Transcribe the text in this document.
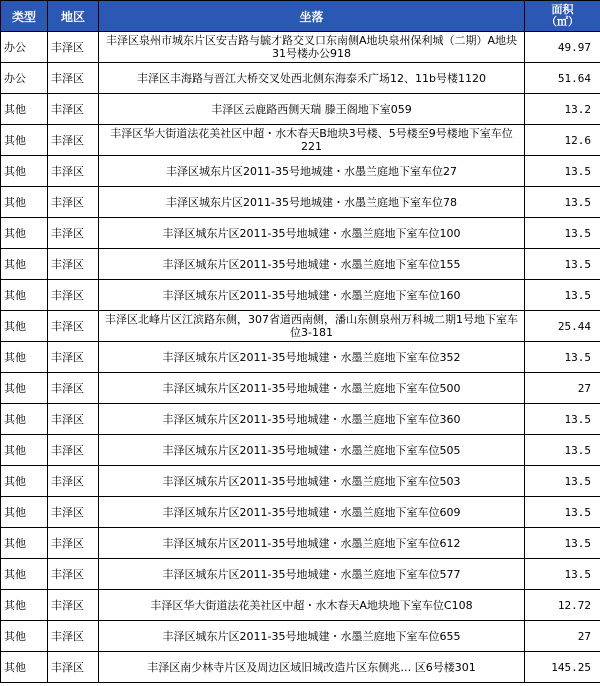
类型	地区	坐落	面积
（㎡）
办公	丰泽区	丰泽区泉州市城东片区安吉路与毓才路交叉口东南侧A地块泉州保利城（二期）A地块31号楼办公918	49.97
办公	丰泽区	丰泽区丰海路与晋江大桥交叉处西北侧东海泰禾广场12、11b号楼1120	51.64
其他	丰泽区	丰泽区云鹿路西侧天瑞 滕王阁地下室059	13.2
其他	丰泽区	丰泽区华大街道法花美社区中超・水木春天B地块3号楼、5号楼至9号楼地下室车位 221	12.6
其他	丰泽区	丰泽区城东片区2011-35号地城建・水墨兰庭地下室车位27	13.5
其他	丰泽区	丰泽区城东片区2011-35号地城建・水墨兰庭地下室车位78	13.5
其他	丰泽区	丰泽区城东片区2011-35号地城建・水墨兰庭地下室车位100	13.5
其他	丰泽区	丰泽区城东片区2011-35号地城建・水墨兰庭地下室车位155	13.5
其他	丰泽区	丰泽区城东片区2011-35号地城建・水墨兰庭地下室车位160	13.5
其他	丰泽区	丰泽区北峰片区江滨路东侧，307省道西南侧，潘山东侧泉州万科城二期1号地下室车位3-181	25.44
其他	丰泽区	丰泽区城东片区2011-35号地城建・水墨兰庭地下室车位352	13.5
其他	丰泽区	丰泽区城东片区2011-35号地城建・水墨兰庭地下室车位500	27
其他	丰泽区	丰泽区城东片区2011-35号地城建・水墨兰庭地下室车位360	13.5
其他	丰泽区	丰泽区城东片区2011-35号地城建・水墨兰庭地下室车位505	13.5
其他	丰泽区	丰泽区城东片区2011-35号地城建・水墨兰庭地下室车位503	13.5
其他	丰泽区	丰泽区城东片区2011-35号地城建・水墨兰庭地下室车位609	13.5
其他	丰泽区	丰泽区城东片区2011-35号地城建・水墨兰庭地下室车位612	13.5
其他	丰泽区	丰泽区城东片区2011-35号地城建・水墨兰庭地下室车位577	13.5
其他	丰泽区	丰泽区华大街道法花美社区中超・水木春天A地块地下室车位C108	12.72
其他	丰泽区	丰泽区城东片区2011-35号地城建・水墨兰庭地下室车位655	27
其他	丰泽区	丰泽区南少林寺片区及周边区域旧城改造片区东侧兆… 区6号楼301	145.25
